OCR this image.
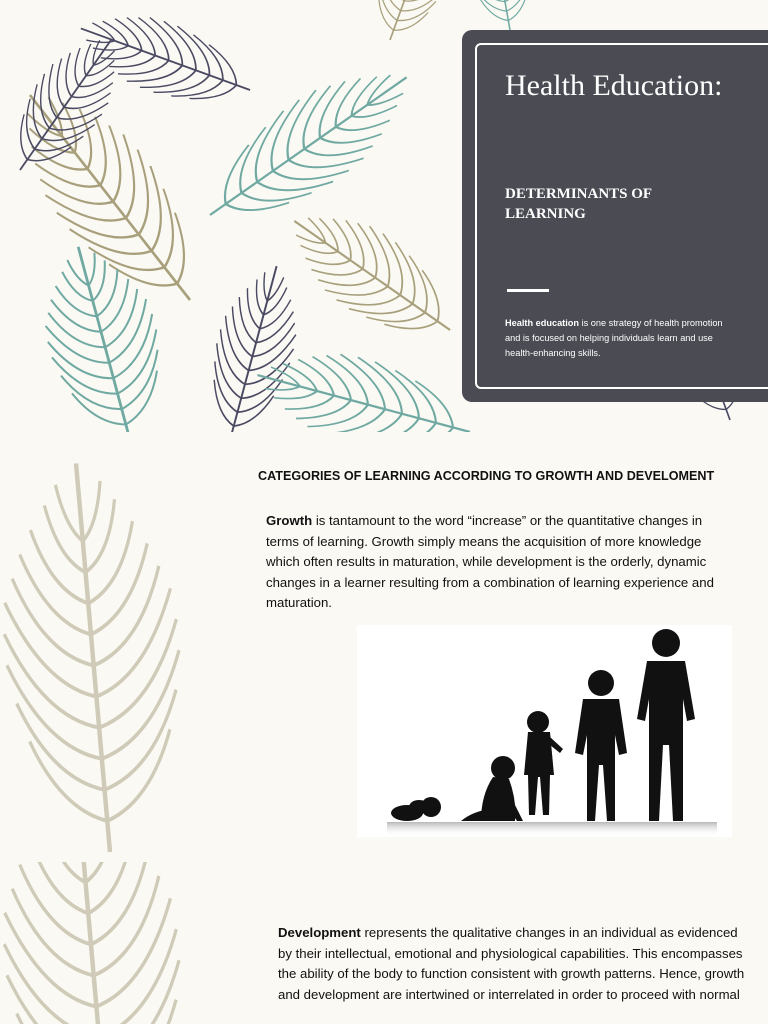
Health Education:
DETERMINANTS OF LEARNING
Health education is one strategy of health promotion and is focused on helping individuals learn and use health-enhancing skills.
CATEGORIES OF LEARNING ACCORDING TO GROWTH AND DEVELOMENT
Growth is tantamount to the word “increase” or the quantitative changes in terms of learning. Growth simply means the acquisition of more knowledge which often results in maturation, while development is the orderly, dynamic changes in a learner resulting from a combination of learning experience and maturation.
Development represents the qualitative changes in an individual as evidenced by their intellectual, emotional and physiological capabilities. This encompasses the ability of the body to function consistent with growth patterns. Hence, growth and development are intertwined or interrelated in order to proceed with normal
